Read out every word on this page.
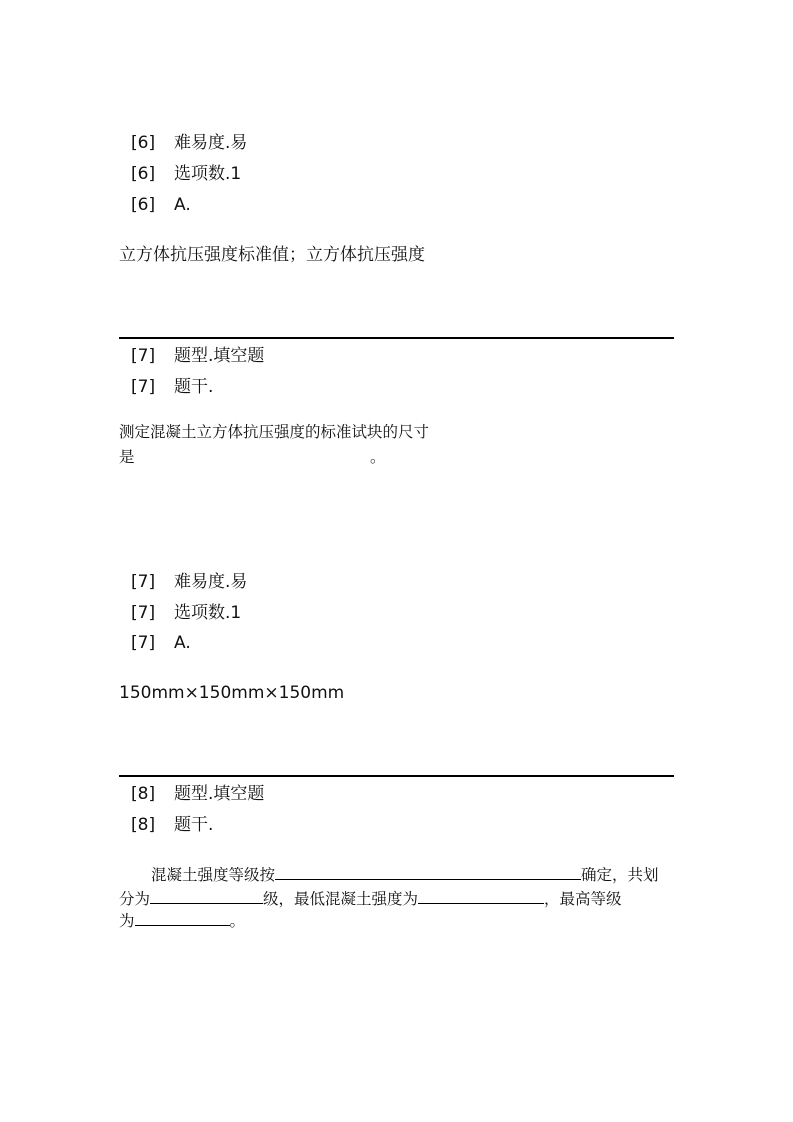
[6] 难易度.易
[6] 选项数.1
[6] A.
立方体抗压强度标准值；立方体抗压强度
[7] 题型.填空题
[7] 题干.
测定混凝土立方体抗压强度的标准试块的尺寸
是	。
[7] 难易度.易
[7] 选项数.1
[7] A.
150mm×150mm×150mm
[8] 题型.填空题
[8] 题干.
混凝土强度等级按	确定，共划
分为	级，最低混凝土强度为	，最高等级
为	。
